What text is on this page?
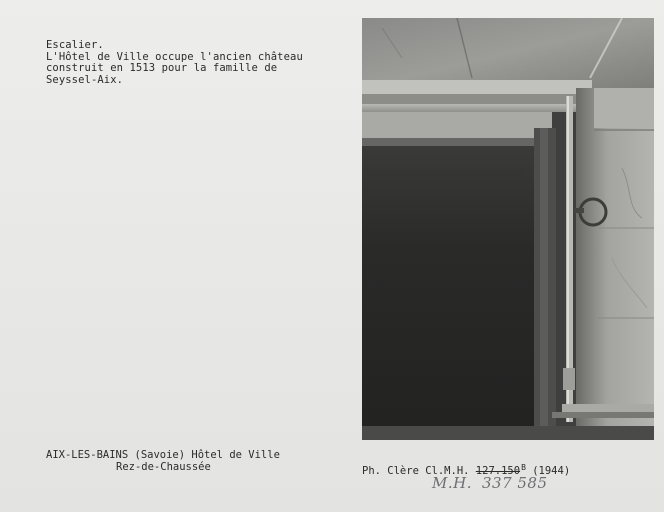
Escalier.
L'Hôtel de Ville occupe l'ancien château
construit en 1513 pour la famille de
Seyssel-Aix.
AIX-LES-BAINS (Savoie) Hôtel de Ville
Rez-de-Chaussée	Ph. Clère Cl.M.H. $127.150^B$ (1944)
M.H. 337 585
